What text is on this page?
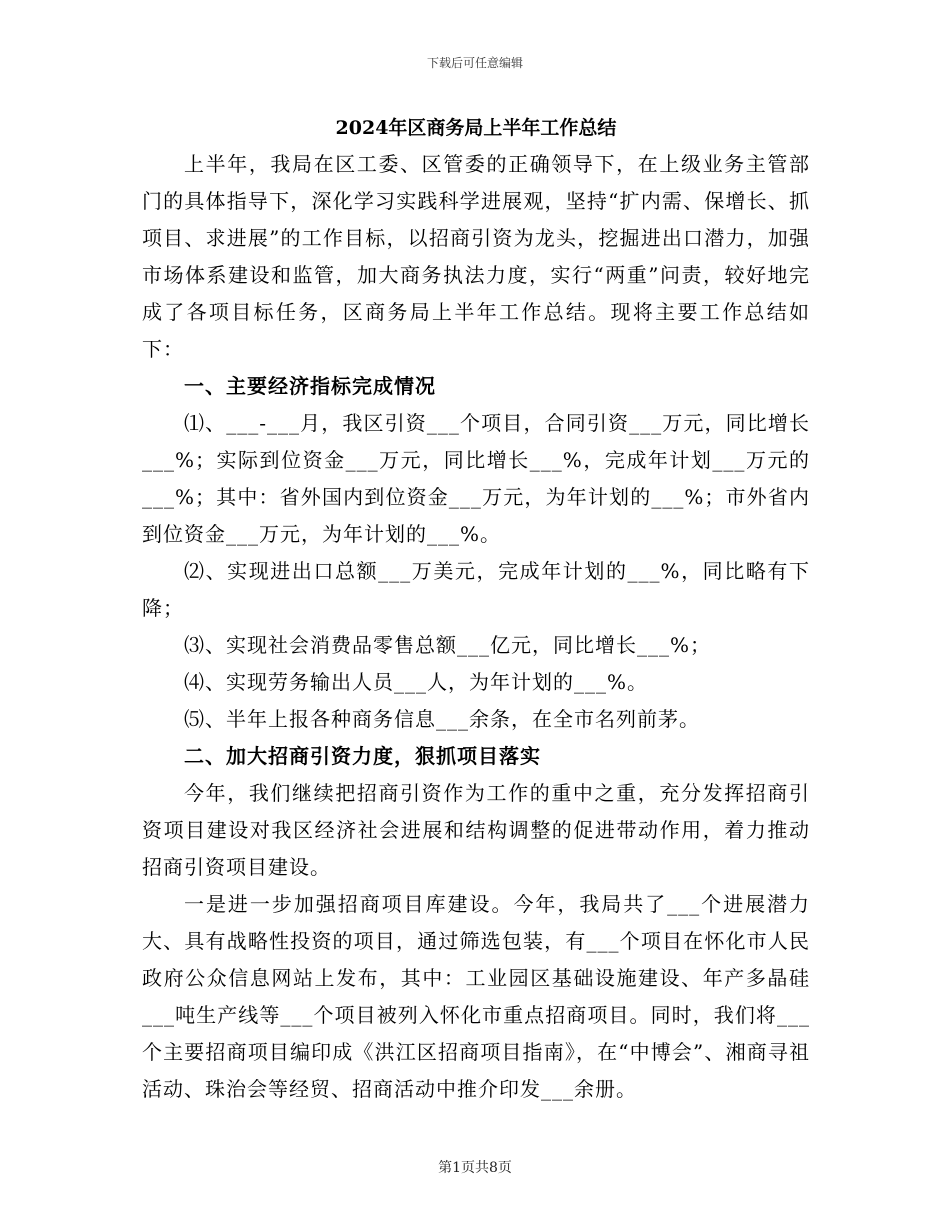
下载后可任意编辑
2024年区商务局上半年工作总结

上半年，我局在区工委、区管委的正确领导下，在上级业务主管部门的具体指导下，深化学习实践科学进展观，坚持“扩内需、保增长、抓项目、求进展”的工作目标，以招商引资为龙头，挖掘进出口潜力，加强市场体系建设和监管，加大商务执法力度，实行“两重”问责，较好地完成了各项目标任务，区商务局上半年工作总结。现将主要工作总结如下：

一、主要经济指标完成情况

⑴、___-___月，我区引资___个项目，合同引资___万元，同比增长___%；实际到位资金___万元，同比增长___%，完成年计划___万元的___%；其中：省外国内到位资金___万元，为年计划的___%；市外省内到位资金___万元，为年计划的___%。

⑵、实现进出口总额___万美元，完成年计划的___%，同比略有下降；

⑶、实现社会消费品零售总额___亿元，同比增长___%；

⑷、实现劳务输出人员___人，为年计划的___%。

⑸、半年上报各种商务信息___余条，在全市名列前茅。

二、加大招商引资力度，狠抓项目落实

今年，我们继续把招商引资作为工作的重中之重，充分发挥招商引资项目建设对我区经济社会进展和结构调整的促进带动作用，着力推动招商引资项目建设。

一是进一步加强招商项目库建设。今年，我局共了___个进展潜力大、具有战略性投资的项目，通过筛选包装，有___个项目在怀化市人民政府公众信息网站上发布，其中：工业园区基础设施建设、年产多晶硅___吨生产线等___个项目被列入怀化市重点招商项目。同时，我们将___个主要招商项目编印成《洪江区招商项目指南》，在“中博会”、湘商寻祖活动、珠治会等经贸、招商活动中推介印发___余册。

第1页共8页
